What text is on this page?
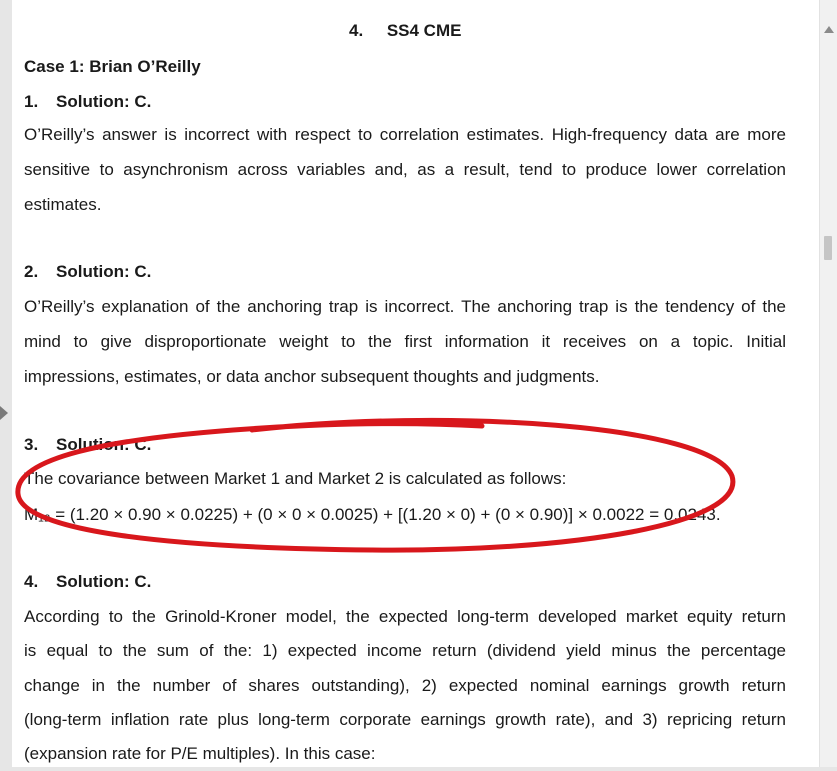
4. SS4 CME
Case 1: Brian O’Reilly
1. Solution: C.
O’Reilly’s answer is incorrect with respect to correlation estimates. High-frequency data are more
sensitive to asynchronism across variables and, as a result, tend to produce lower correlation
estimates.
2. Solution: C.
O’Reilly’s explanation of the anchoring trap is incorrect. The anchoring trap is the tendency of the
mind to give disproportionate weight to the first information it receives on a topic. Initial
impressions, estimates, or data anchor subsequent thoughts and judgments.
3. Solution: C.
The covariance between Market 1 and Market 2 is calculated as follows:
M₁₂ = (1.20 × 0.90 × 0.0225) + (0 × 0 × 0.0025) + [(1.20 × 0) + (0 × 0.90)] × 0.0022 = 0.0243.
4. Solution: C.
According to the Grinold-Kroner model, the expected long-term developed market equity return
is equal to the sum of the: 1) expected income return (dividend yield minus the percentage
change in the number of shares outstanding), 2) expected nominal earnings growth return
(long-term inflation rate plus long-term corporate earnings growth rate), and 3) repricing return
(expansion rate for P/E multiples). In this case:
